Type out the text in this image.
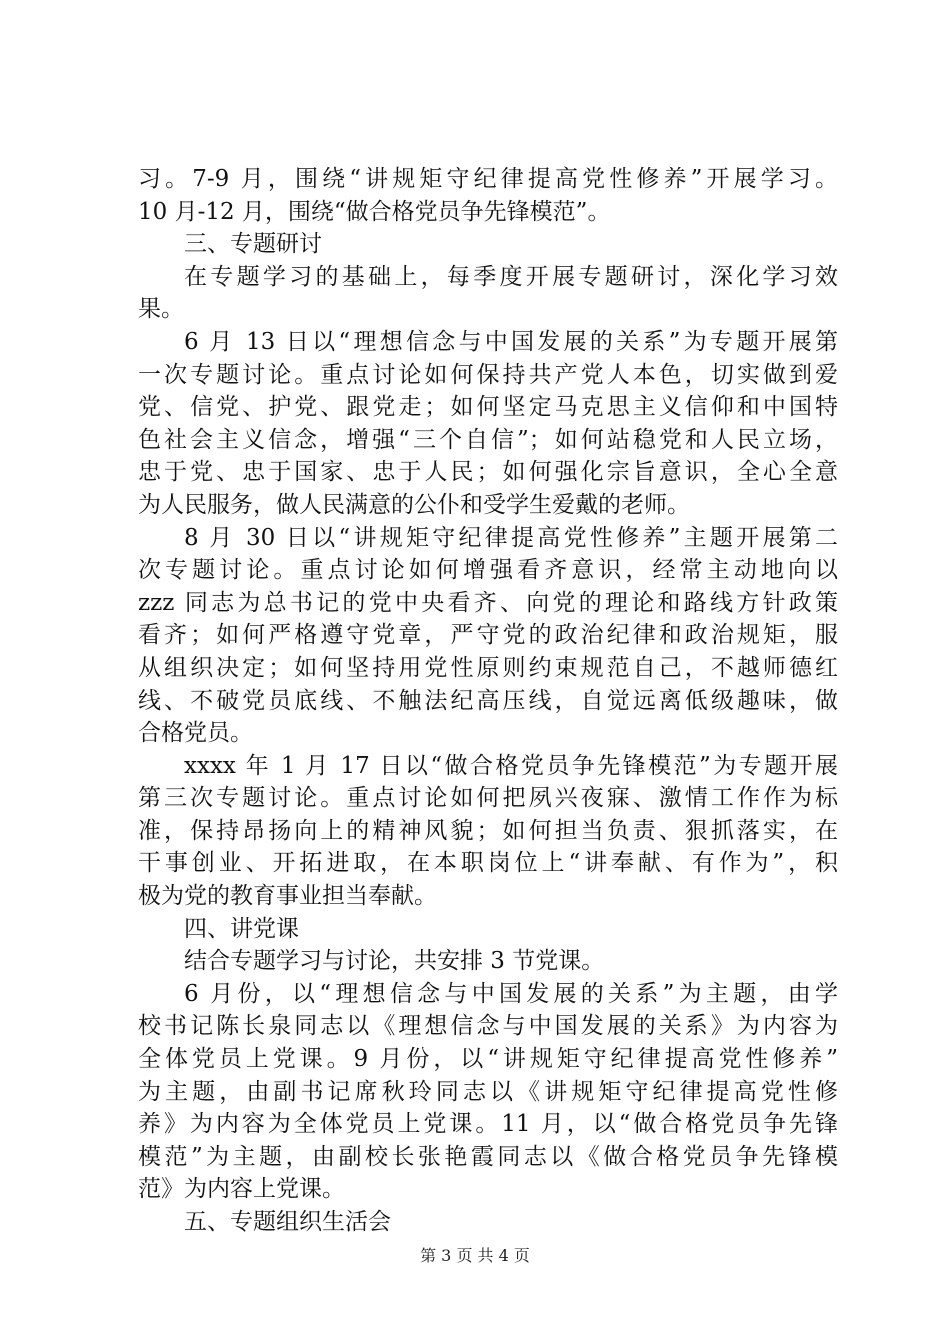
习。7-9 月，围绕“讲规矩守纪律提高党性修养”开展学习。
10 月-12 月，围绕“做合格党员争先锋模范”。
三、专题研讨
在专题学习的基础上，每季度开展专题研讨，深化学习效
果。
6 月 13 日以“理想信念与中国发展的关系”为专题开展第
一次专题讨论。重点讨论如何保持共产党人本色，切实做到爱
党、信党、护党、跟党走；如何坚定马克思主义信仰和中国特
色社会主义信念，增强“三个自信”；如何站稳党和人民立场，
忠于党、忠于国家、忠于人民；如何强化宗旨意识，全心全意
为人民服务，做人民满意的公仆和受学生爱戴的老师。
8 月 30 日以“讲规矩守纪律提高党性修养”主题开展第二
次专题讨论。重点讨论如何增强看齐意识，经常主动地向以
zzz 同志为总书记的党中央看齐、向党的理论和路线方针政策
看齐；如何严格遵守党章，严守党的政治纪律和政治规矩，服
从组织决定；如何坚持用党性原则约束规范自己，不越师德红
线、不破党员底线、不触法纪高压线，自觉远离低级趣味，做
合格党员。
xxxx 年 1 月 17 日以“做合格党员争先锋模范”为专题开展
第三次专题讨论。重点讨论如何把夙兴夜寐、激情工作作为标
准，保持昂扬向上的精神风貌；如何担当负责、狠抓落实，在
干事创业、开拓进取，在本职岗位上“讲奉献、有作为”，积
极为党的教育事业担当奉献。
四、讲党课
结合专题学习与讨论，共安排 3 节党课。
6 月份，以“理想信念与中国发展的关系”为主题，由学
校书记陈长泉同志以《理想信念与中国发展的关系》为内容为
全体党员上党课。9 月份，以“讲规矩守纪律提高党性修养”
为主题，由副书记席秋玲同志以《讲规矩守纪律提高党性修
养》为内容为全体党员上党课。11 月，以“做合格党员争先锋
模范”为主题，由副校长张艳霞同志以《做合格党员争先锋模
范》为内容上党课。
五、专题组织生活会
第 3 页 共 4 页
